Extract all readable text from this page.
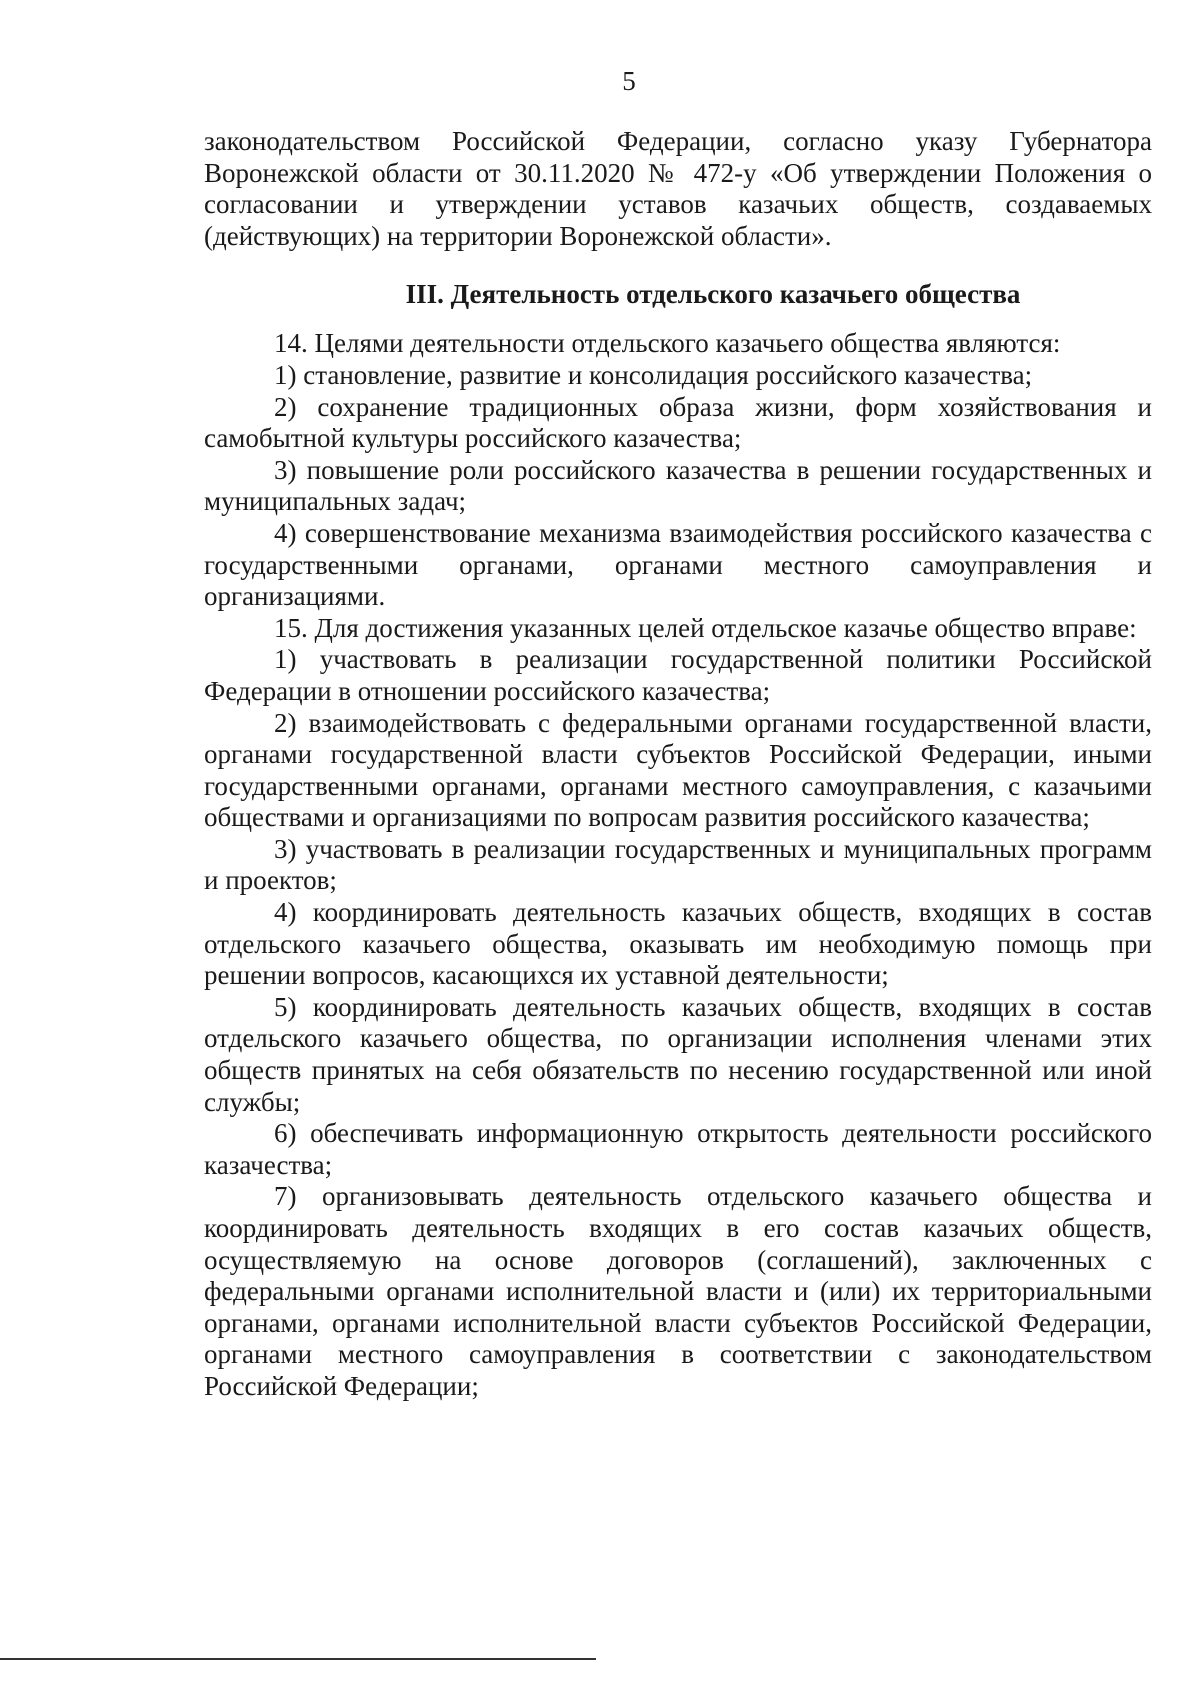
5

законодательством Российской Федерации, согласно указу Губернатора Воронежской области от 30.11.2020 № 472-у «Об утверждении Положения о согласовании и утверждении уставов казачьих обществ, создаваемых (действующих) на территории Воронежской области».

III. Деятельность отдельского казачьего общества

14. Целями деятельности отдельского казачьего общества являются:

1) становление, развитие и консолидация российского казачества;

2) сохранение традиционных образа жизни, форм хозяйствования и самобытной культуры российского казачества;

3) повышение роли российского казачества в решении государственных и муниципальных задач;

4) совершенствование механизма взаимодействия российского казачества с государственными органами, органами местного самоуправления и организациями.

15. Для достижения указанных целей отдельское казачье общество вправе:

1) участвовать в реализации государственной политики Российской Федерации в отношении российского казачества;

2) взаимодействовать с федеральными органами государственной власти, органами государственной власти субъектов Российской Федерации, иными государственными органами, органами местного самоуправления, с казачьими обществами и организациями по вопросам развития российского казачества;

3) участвовать в реализации государственных и муниципальных программ и проектов;

4) координировать деятельность казачьих обществ, входящих в состав отдельского казачьего общества, оказывать им необходимую помощь при решении вопросов, касающихся их уставной деятельности;

5) координировать деятельность казачьих обществ, входящих в состав отдельского казачьего общества, по организации исполнения членами этих обществ принятых на себя обязательств по несению государственной или иной службы;

6) обеспечивать информационную открытость деятельности российского казачества;

7) организовывать деятельность отдельского казачьего общества и координировать деятельность входящих в его состав казачьих обществ, осуществляемую на основе договоров (соглашений), заключенных с федеральными органами исполнительной власти и (или) их территориальными органами, органами исполнительной власти субъектов Российской Федерации, органами местного самоуправления в соответствии с законодательством Российской Федерации;
